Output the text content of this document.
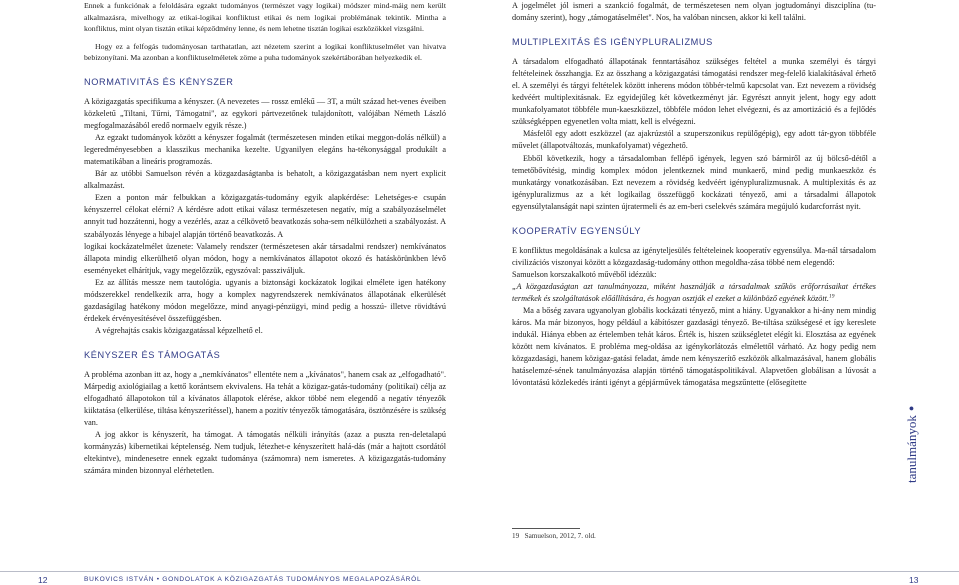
Ennek a funkciónak a feloldására egzakt tudományos (természet vagy logikai) módszer mind-máig nem került alkalmazásra, mivelhogy az etikai-logikai konfliktust etikai és nem logikai problémának tekintik. Mintha a konfliktus, mint olyan tisztán etikai képződmény lenne, és nem lehetne tisztán logikai eszközökkel vizsgálni.

Hogy ez a felfogás tudományosan tarthatatlan, azt nézetem szerint a logikai konfliktuselmélet van hivatva bebizonyítani. Ma azonban a konfliktuselméletek zöme a puha tudományok szekértáborában helyezkedik el.

NORMATIVITÁS ÉS KÉNYSZER

A közigazgatás specifikuma a kényszer. (A nevezetes — rossz emlékű — 3T, a múlt század het-venes éveiben közkeletű „Tiltani, Tűrni, Támogatni", az egykori pártvezetőnek tulajdonított, valójában Németh László megfogalmazásából eredő normaelv egyik része.)

Az egzakt tudományok között a kényszer fogalmát (természetesen minden etikai meggon-dolás nélkül) a legeredményesebben a klasszikus mechanika kezelte. Ugyanilyen elegáns ha-tékonysággal produkált a matematikában a lineáris programozás.

Bár az utóbbi Samuelson révén a közgazdaságtanba is behatolt, a közigazgatásban nem nyert explicit alkalmazást.

Ezen a ponton már felbukkan a közigazgatás-tudomány egyik alapkérdése: Lehetséges-e csupán kényszerrel célokat elérni? A kérdésre adott etikai válasz természetesen negatív, míg a szabályozáselmélet annyit tud hozzátenni, hogy a vezérlés, azaz a célkövető beavatkozás soha-sem nélkülözheti a szabályozást. A szabályozás lényege a hibajel alapján történő beavatkozás. A

logikai kockázatelmélet üzenete: Valamely rendszer (természetesen akár társadalmi rendszer) nemkívánatos állapota mindig elkerülhető olyan módon, hogy a nemkívánatos állapotot okozó és hatáskörünkben lévő eseményeket elhárítjuk, vagy megelőzzük, egyszóval: passziváljuk.

Ez az állítás messze nem tautológia. ugyanis a biztonsági kockázatok logikai elmélete igen hatékony módszerekkel rendelkezik arra, hogy a komplex nagyrendszerek nemkívánatos állapotának elkerülését gazdaságilag hatékony módon megelőzze, mind anyagi-pénzügyi, mind pedig a hosszú- illetve rövidtávú érdekek érvényesítésével összefüggésben.

A végrehajtás csakis közigazgatással képzelhető el.

KÉNYSZER ÉS TÁMOGATÁS

A probléma azonban itt az, hogy a „nemkívánatos" ellentéte nem a „kívánatos", hanem csak az „elfogadható". Márpedig axiológiailag a kettő korántsem ekvivalens. Ha tehát a közigaz-gatás-tudomány (politikai) célja az elfogadható állapotokon túl a kívánatos állapotok elérése, akkor többé nem elegendő a negatív tényezők kiiktatása (elkerülése, tiltása kényszerítéssel), hanem a pozitív tényezők támogatására, ösztönzésére is szükség van.

A jog akkor is kényszerít, ha támogat. A támogatás nélküli irányítás (azaz a puszta ren-deletalapú kormányzás) kibernetikai képtelenség. Nem tudjuk, létezhet-e kényszerített halá-dás (már a hajtott csordától eltekintve), mindenesetre ennek egzakt tudománya (számomra) nem ismeretes. A közigazgatás-tudomány számára minden bizonnyal elérhetetlen.

A jogelmélet jól ismeri a szankció fogalmát, de természetesen nem olyan jogtudományi diszciplína (tu-domány szerint), hogy „támogatáselmélet". Nos, ha valóban nincsen, akkor ki kell találni.

MULTIPLEXITÁS ÉS IGÉNYPLURALIZMUS

A társadalom elfogadható állapotának fenntartásához szükséges feltétel a munka személyi és tárgyi feltételeinek összhangja. Ez az összhang a közigazgatási támogatási rendszer meg-felelő kialakításával érhető el. A személyi és tárgyi feltételek között inherens módon többér-telmű kapcsolat van. Ezt nevezem a rövidség kedvéért multiplexitásnak. Ez egyidejűleg két következményt jár. Egyrészt annyit jelent, hogy egy adott munkafolyamatot többféle mun-kaeszközzel, többféle módon lehet elvégezni, és az amortizáció és a fejlődés szükségképpen egyenetlen volta miatt, kell is elvégezni.

Másfelől egy adott eszközzel (az ajakrúzstól a szuperszonikus repülőgépig), egy adott tár-gyon többféle művelet (állapotváltozás, munkafolyamat) végezhető.

Ebből következik, hogy a társadalomban fellépő igények, legyen szó bármiről az új bölcső-détől a temetőbővítésig, mindig komplex módon jelentkeznek mind munkaerő, mind pedig munkaeszköz és munkatárgy vonatkozásában. Ezt nevezem a rövidség kedvéért igénypluralizmusnak. A multiplexitás és az igénypluralizmus az a két logikailag összefüggő kockázati tényező, ami a társadalmi állapotok egyensúlytalanságát napi szinten újratermeli és az em-beri cselekvés számára megújuló kudarcforrást nyit.

KOOPERATÍV EGYENSÚLY

E konfliktus megoldásának a kulcsa az igényteljesülés feltételeinek kooperatív egyensúlya. Ma-nál társadalom civilizációs viszonyai között a közgazdaság-tudomány otthon megoldha-zása többé nem elegendő:

Samuelson korszakalkotó művéből idézzük:

„A közgazdaságtan azt tanulmányozza, miként használják a társadalmak szűkös erőforrásaikat értékes termékek és szolgáltatások előállítására, és hogyan osztják el ezeket a különböző egyének között.$^{19}$

Ma a bőség zavara ugyanolyan globális kockázati tényező, mint a hiány. Ugyanakkor a hi-ány nem mindig káros. Ma már bizonyos, hogy például a kábítószer gazdasági tényező. Be-tiltása szükségesé et így kereslete indukál. Hiánya ebben az értelemben tehát káros. Érték is, hiszen szükségletet elégít ki. Elosztása az egyének között nem kívánatos. E probléma meg-oldása az igénykorlátozás elmélettől várható. Az hogy pedig nem közgazdasági, hanem közigaz-gatási feladat, ámde nem kényszerítő eszközök alkalmazásával, hanem globális hatáselemzé-sének tanulmányozása alapján történő támogatáspolitikával. Alapvetően globálisan a lúvosát a lóvontatású közlekedés iránti igényt a gépjárművek támogatása megszűntette (elősegítette

19 Samuelson, 2012, 7. old.
tanulmányok●
12	BUKOVICS ISTVÁN • GONDOLATOK A KÖZIGAZGATÁS TUDOMÁNYOS MEGALAPOZÁSÁRÓL	13
